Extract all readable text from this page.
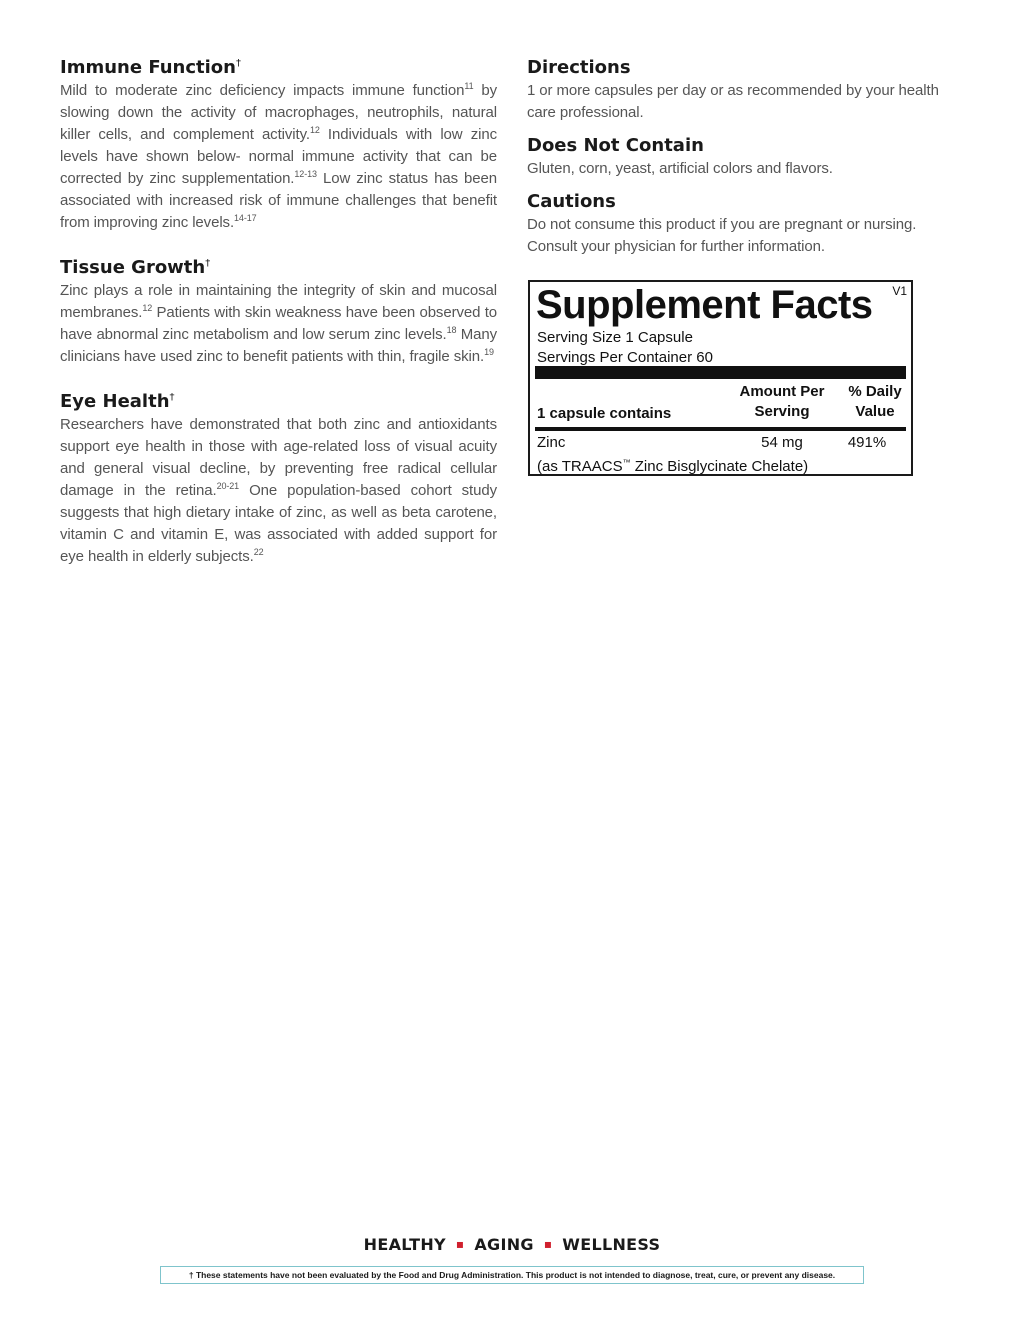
Immune Function†

Mild to moderate zinc deficiency impacts immune function$^{11}$ by slowing down the activity of macrophages, neutrophils, natural killer cells, and complement activity.$^{12}$ Individuals with low zinc levels have shown below- normal immune activity that can be corrected by zinc supplementation.$^{12-13}$ Low zinc status has been associated with increased risk of immune challenges that benefit from improving zinc levels.$^{14-17}$

Tissue Growth†

Zinc plays a role in maintaining the integrity of skin and mucosal membranes.$^{12}$ Patients with skin weakness have been observed to have abnormal zinc metabolism and low serum zinc levels.$^{18}$ Many clinicians have used zinc to benefit patients with thin, fragile skin.$^{19}$

Eye Health†

Researchers have demonstrated that both zinc and antioxidants support eye health in those with age-related loss of visual acuity and general visual decline, by preventing free radical cellular damage in the retina.$^{20-21}$ One population-based cohort study suggests that high dietary intake of zinc, as well as beta carotene, vitamin C and vitamin E, was associated with added support for eye health in elderly subjects.$^{22}$

Directions

1 or more capsules per day or as recommended by your health care professional.

Does Not Contain

Gluten, corn, yeast, artificial colors and flavors.

Cautions

Do not consume this product if you are pregnant or nursing. Consult your physician for further information.

Supplement Facts V1
Serving Size 1 Capsule
Servings Per Container 60
1 capsule contains
Amount Per
Serving
% Daily
Value
Zinc	54 mg	491%
(as TRAACS™ Zinc Bisglycinate Chelate)
HEALTHY ▪ AGING ▪ WELLNESS
† These statements have not been evaluated by the Food and Drug Administration. This product is not intended to diagnose, treat, cure, or prevent any disease.
